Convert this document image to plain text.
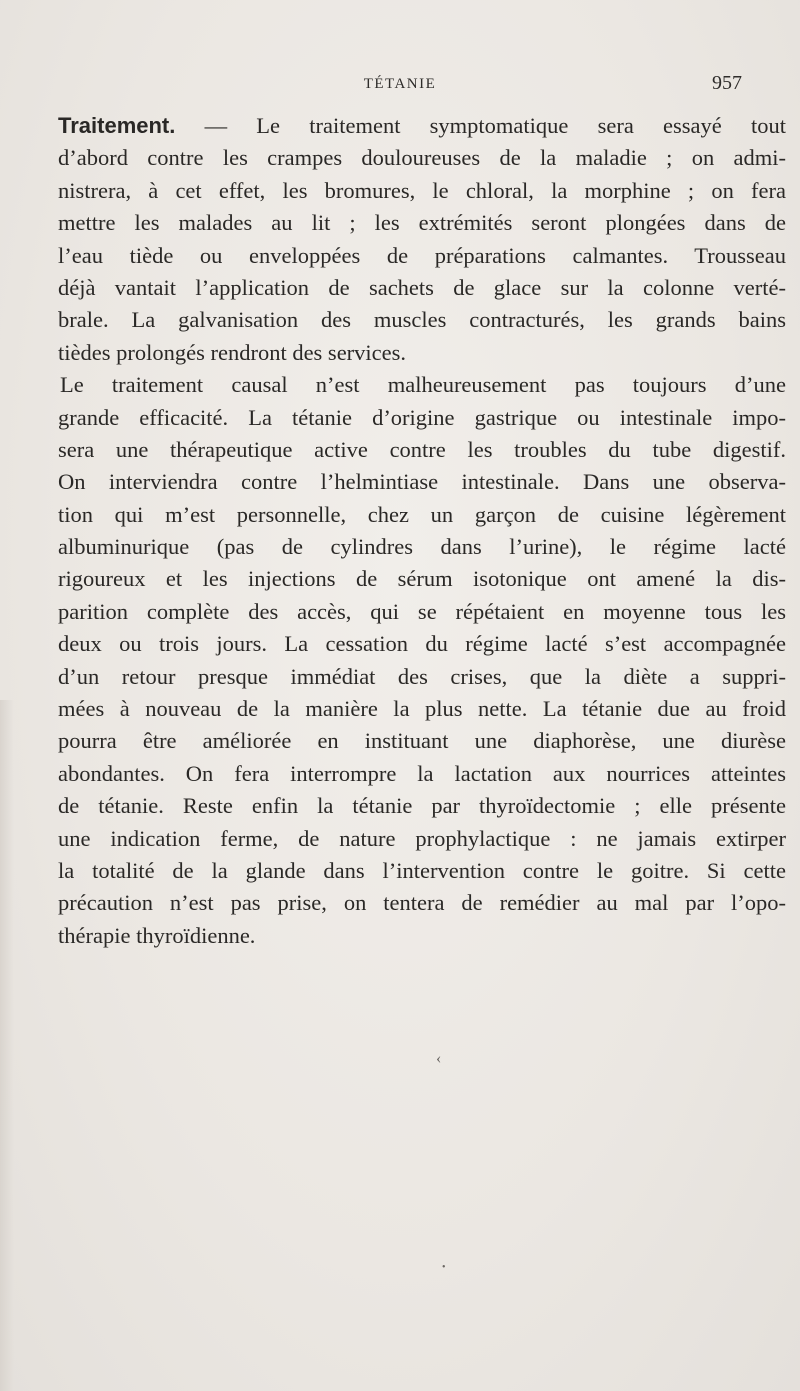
TÉTANIE	957
Traitement. — Le traitement symptomatique sera essayé tout
d’abord contre les crampes douloureuses de la maladie ; on admi-
nistrera, à cet effet, les bromures, le chloral, la morphine ; on fera
mettre les malades au lit ; les extrémités seront plongées dans de
l’eau tiède ou enveloppées de préparations calmantes. Trousseau
déjà vantait l’application de sachets de glace sur la colonne verté-
brale. La galvanisation des muscles contracturés, les grands bains
tièdes prolongés rendront des services.
Le traitement causal n’est malheureusement pas toujours d’une
grande efficacité. La tétanie d’origine gastrique ou intestinale impo-
sera une thérapeutique active contre les troubles du tube digestif.
On interviendra contre l’helmintiase intestinale. Dans une observa-
tion qui m’est personnelle, chez un garçon de cuisine légèrement
albuminurique (pas de cylindres dans l’urine), le régime lacté
rigoureux et les injections de sérum isotonique ont amené la dis-
parition complète des accès, qui se répétaient en moyenne tous les
deux ou trois jours. La cessation du régime lacté s’est accompagnée
d’un retour presque immédiat des crises, que la diète a suppri-
mées à nouveau de la manière la plus nette. La tétanie due au froid
pourra être améliorée en instituant une diaphorèse, une diurèse
abondantes. On fera interrompre la lactation aux nourrices atteintes
de tétanie. Reste enfin la tétanie par thyroïdectomie ; elle présente
une indication ferme, de nature prophylactique : ne jamais extirper
la totalité de la glande dans l’intervention contre le goitre. Si cette
précaution n’est pas prise, on tentera de remédier au mal par l’opo-
thérapie thyroïdienne.
‹
•
